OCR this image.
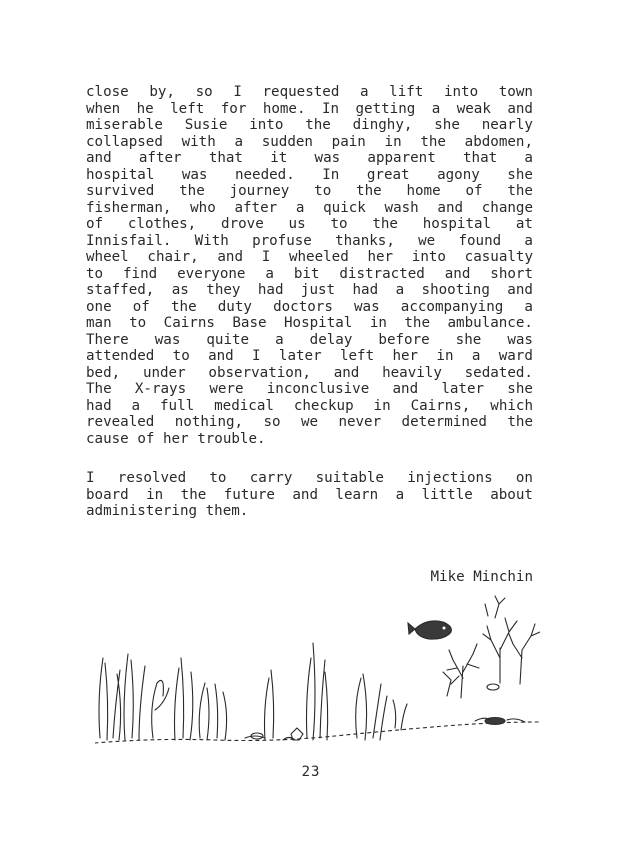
close by, so I requested a lift into town
when he left for home. In getting a weak and
miserable Susie into the dinghy, she nearly
collapsed with a sudden pain in the abdomen,
and after that it was apparent that a
hospital was needed. In great agony she
survived the journey to the home of the
fisherman, who after a quick wash and change
of clothes, drove us to the hospital at
Innisfail. With profuse thanks, we found a
wheel chair, and I wheeled her into casualty
to find everyone a bit distracted and short
staffed, as they had just had a shooting and
one of the duty doctors was accompanying a
man to Cairns Base Hospital in the ambulance.
There was quite a delay before she was
attended to and I later left her in a ward
bed, under observation, and heavily sedated.
The X-rays were inconclusive and later she
had a full medical checkup in Cairns, which
revealed nothing, so we never determined the
cause of her trouble.
I resolved to carry suitable injections on
board in the future and learn a little about
administering them.
Mike Minchin
23
